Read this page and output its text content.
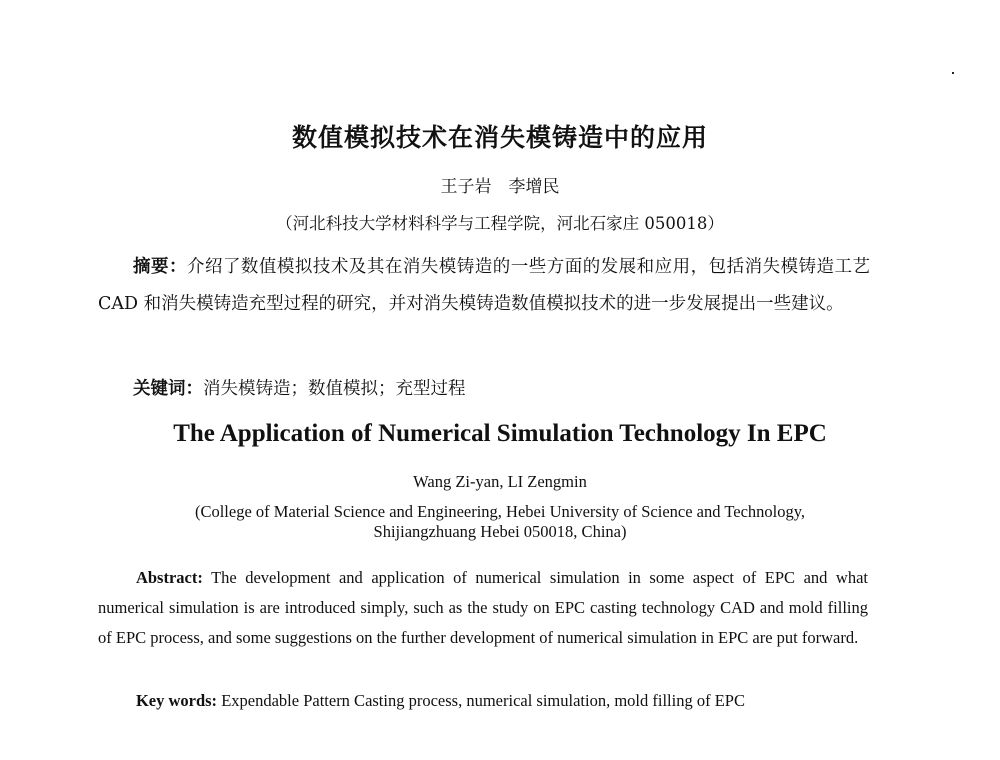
数值模拟技术在消失模铸造中的应用
王子岩　李增民
（河北科技大学材料科学与工程学院，河北石家庄 050018）
摘要：介绍了数值模拟技术及其在消失模铸造的一些方面的发展和应用，包括消失模铸造工艺 CAD 和消失模铸造充型过程的研究，并对消失模铸造数值模拟技术的进一步发展提出一些建议。
关键词：消失模铸造；数值模拟；充型过程
The Application of Numerical Simulation Technology In EPC
Wang Zi-yan, LI Zengmin
(College of Material Science and Engineering, Hebei University of Science and Technology,
Shijiangzhuang Hebei 050018, China)
Abstract: The development and application of numerical simulation in some aspect of EPC and what numerical simulation is are introduced simply, such as the study on EPC casting technology CAD and mold filling of EPC process, and some suggestions on the further development of numerical simulation in EPC are put forward.
Key words: Expendable Pattern Casting process, numerical simulation, mold filling of EPC
